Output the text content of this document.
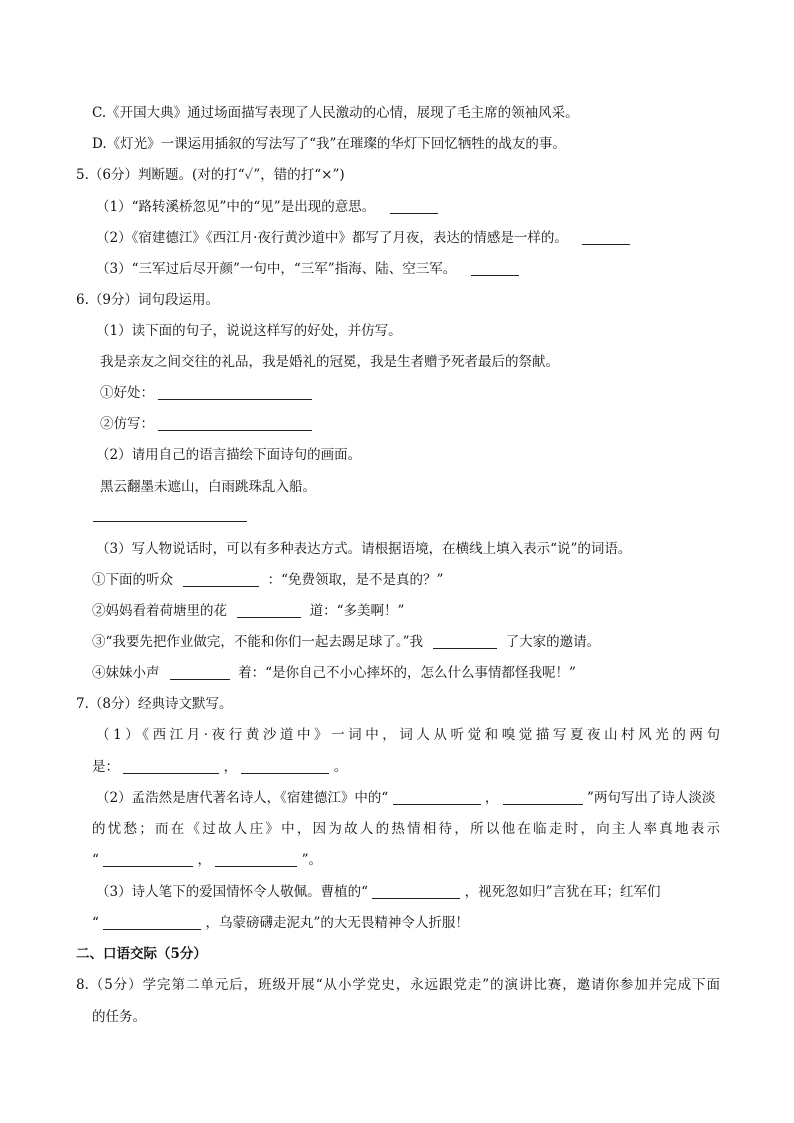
C.《开国大典》通过场面描写表现了人民激动的心情，展现了毛主席的领袖风采。
D.《灯光》一课运用插叙的写法写了“我”在璀璨的华灯下回忆牺牲的战友的事。
5.（6分）判断题。(对的打“✓”，错的打“×”)
（1）“路转溪桥忽见”中的“见”是出现的意思。
（2）《宿建德江》《西江月·夜行黄沙道中》都写了月夜，表达的情感是一样的。
（3）“三军过后尽开颜”一句中，“三军”指海、陆、空三军。
6.（9分）词句段运用。
（1）读下面的句子，说说这样写的好处，并仿写。
我是亲友之间交往的礼品，我是婚礼的冠冕，我是生者赠予死者最后的祭献。
①好处：
②仿写：
（2）请用自己的语言描绘下面诗句的画面。
黑云翻墨未遮山，白雨跳珠乱入船。
（3）写人物说话时，可以有多种表达方式。请根据语境，在横线上填入表示“说”的词语。
①下面的听众	：“免费领取，是不是真的？”
②妈妈看着荷塘里的花	道：“多美啊！”
③“我要先把作业做完，不能和你们一起去踢足球了。”我	了大家的邀请。
④妹妹小声	着：“是你自己不小心摔坏的，怎么什么事情都怪我呢！”
7.（8分）经典诗文默写。
（1）《西江月·夜行黄沙道中》一词中，词人从听觉和嗅觉描写夏夜山村风光的两句
是：	，	。
（2）孟浩然是唐代著名诗人，《宿建德江》中的“	，	”两句写出了诗人淡淡
的忧愁；而在《过故人庄》中，因为故人的热情相待，所以他在临走时，向主人率真地表示
“	，	”。
（3）诗人笔下的爱国情怀令人敬佩。曹植的“	，视死忽如归”言犹在耳；红军们
“	，乌蒙磅礴走泥丸”的大无畏精神令人折服！
二、口语交际（5分）
8.（5分）学完第二单元后，班级开展“从小学党史，永远跟党走”的演讲比赛，邀请你参加并完成下面
的任务。
